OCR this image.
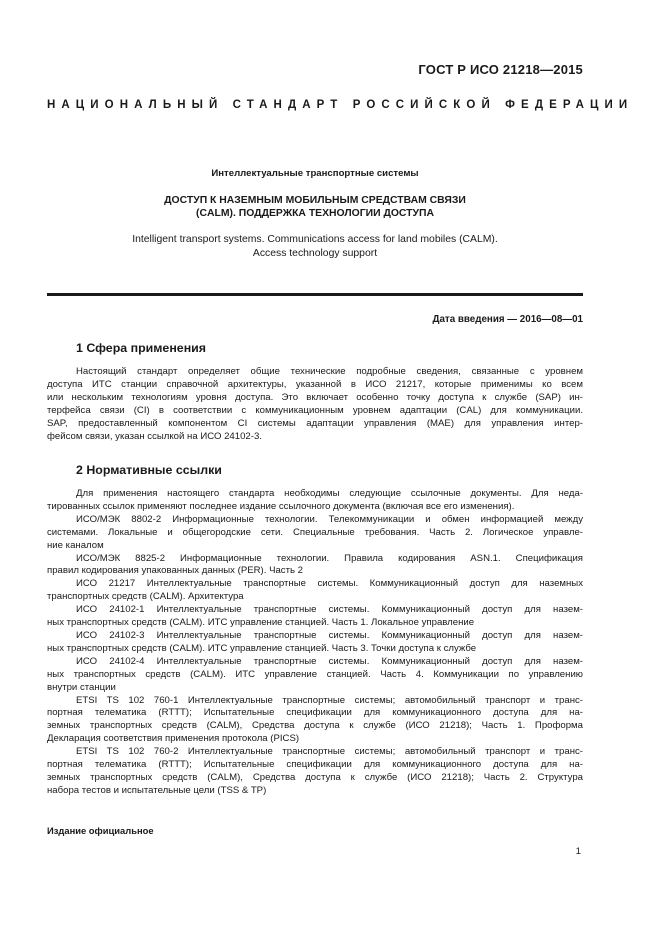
ГОСТ Р ИСО 21218—2015
НАЦИОНАЛЬНЫЙ СТАНДАРТ РОССИЙСКОЙ ФЕДЕРАЦИИ
Интеллектуальные транспортные системы
ДОСТУП К НАЗЕМНЫМ МОБИЛЬНЫМ СРЕДСТВАМ СВЯЗИ
(CALM). ПОДДЕРЖКА ТЕХНОЛОГИИ ДОСТУПА
Intelligent transport systems. Communications access for land mobiles (CALM).
Access technology support
Дата введения — 2016—08—01
1 Сфера применения
Настоящий стандарт определяет общие технические подробные сведения, связанные с уровнем
доступа ИТС станции справочной архитектуры, указанной в ИСО 21217, которые применимы ко всем
или нескольким технологиям уровня доступа. Это включает особенно точку доступа к службе (SAP) ин-
терфейса связи (CI) в соответствии с коммуникационным уровнем адаптации (CAL) для коммуникации.
SAP, предоставленный компонентом CI системы адаптации управления (MAE) для управления интер-
фейсом связи, указан ссылкой на ИСО 24102-3.
2 Нормативные ссылки
Для применения настоящего стандарта необходимы следующие ссылочные документы. Для неда-
тированных ссылок применяют последнее издание ссылочного документа (включая все его изменения).
ИСО/МЭК 8802-2 Информационные технологии. Телекоммуникации и обмен информацией между
системами. Локальные и общегородские сети. Специальные требования. Часть 2. Логическое управле-
ние каналом
ИСО/МЭК 8825-2 Информационные технологии. Правила кодирования ASN.1. Спецификация
правил кодирования упакованных данных (PER). Часть 2
ИСО 21217 Интеллектуальные транспортные системы. Коммуникационный доступ для наземных
транспортных средств (CALM). Архитектура
ИСО 24102-1 Интеллектуальные транспортные системы. Коммуникационный доступ для назем-
ных транспортных средств (CALM). ИТС управление станцией. Часть 1. Локальное управление
ИСО 24102-3 Интеллектуальные транспортные системы. Коммуникационный доступ для назем-
ных транспортных средств (CALM). ИТС управление станцией. Часть 3. Точки доступа к службе
ИСО 24102-4 Интеллектуальные транспортные системы. Коммуникационный доступ для назем-
ных транспортных средств (CALM). ИТС управление станцией. Часть 4. Коммуникации по управлению
внутри станции
ETSI TS 102 760-1 Интеллектуальные транспортные системы; автомобильный транспорт и транс-
портная телематика (RTTT); Испытательные спецификации для коммуникационного доступа для на-
земных транспортных средств (CALM), Средства доступа к службе (ИСО 21218); Часть 1. Проформа
Декларация соответствия применения протокола (PICS)
ETSI TS 102 760-2 Интеллектуальные транспортные системы; автомобильный транспорт и транс-
портная телематика (RTTT); Испытательные спецификации для коммуникационного доступа для на-
земных транспортных средств (CALM), Средства доступа к службе (ИСО 21218); Часть 2. Структура
набора тестов и испытательные цели (TSS & TP)
Издание официальное
1
